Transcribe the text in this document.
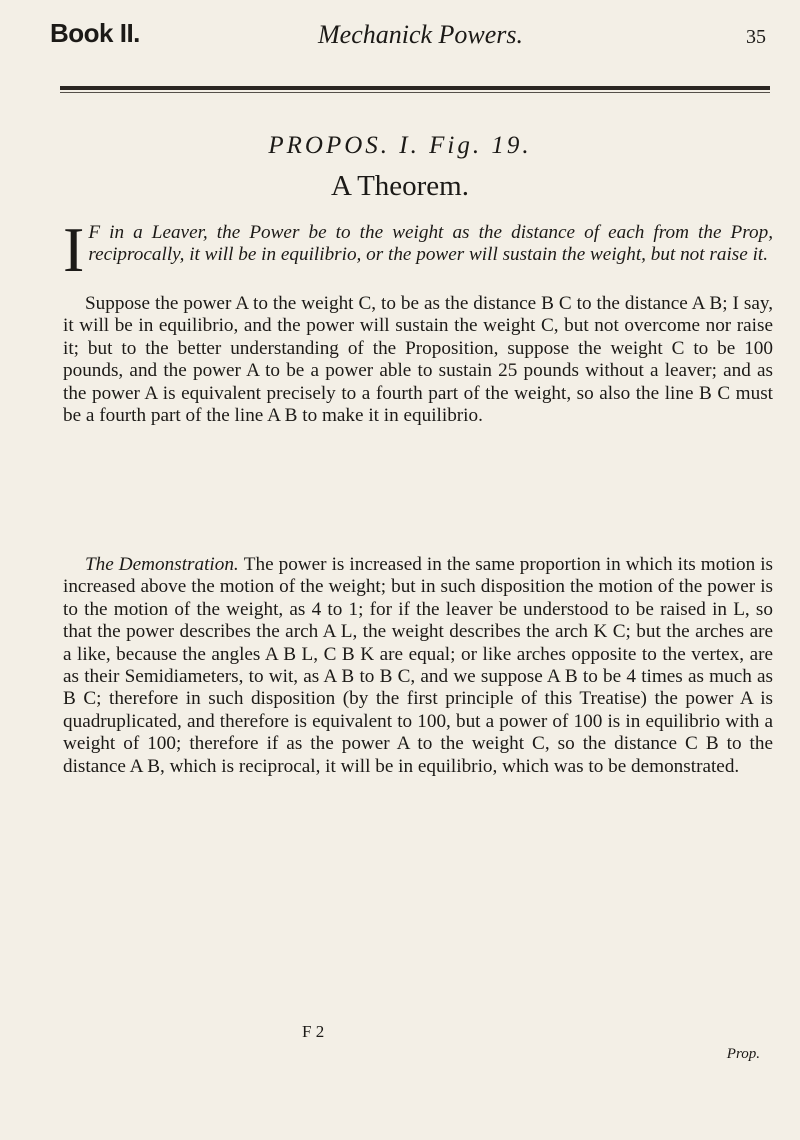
Book II.	Mechanick Powers.	35
PROPOS. I. Fig. 19.
A Theorem.
I F in a Leaver, the Power be to the weight as the distance of each from the Prop, reciprocally, it will be in equilibrio, or the power will sustain the weight, but not raise it.
Suppose the power A to the weight C, to be as the distance B C to the distance A B; I say, it will be in equilibrio, and the power will sustain the weight C, but not overcome nor raise it; but to the better understanding of the Proposition, suppose the weight C to be 100 pounds, and the power A to be a power able to sustain 25 pounds without a leaver; and as the power A is equivalent precisely to a fourth part of the weight, so also the line B C must be a fourth part of the line A B to make it in equilibrio.
The Demonstration. The power is increased in the same proportion in which its motion is increased above the motion of the weight; but in such disposition the motion of the power is to the motion of the weight, as 4 to 1; for if the leaver be understood to be raised in L, so that the power describes the arch A L, the weight describes the arch K C; but the arches are a like, because the angles A B L, C B K are equal; or like arches opposite to the vertex, are as their Semidiameters, to wit, as A B to B C, and we suppose A B to be 4 times as much as B C; therefore in such disposition (by the first principle of this Treatise) the power A is quadruplicated, and therefore is equivalent to 100, but a power of 100 is in equilibrio with a weight of 100; therefore if as the power A to the weight C, so the distance C B to the distance A B, which is reciprocal, it will be in equilibrio, which was to be demonstrated.
F 2
Prop.
